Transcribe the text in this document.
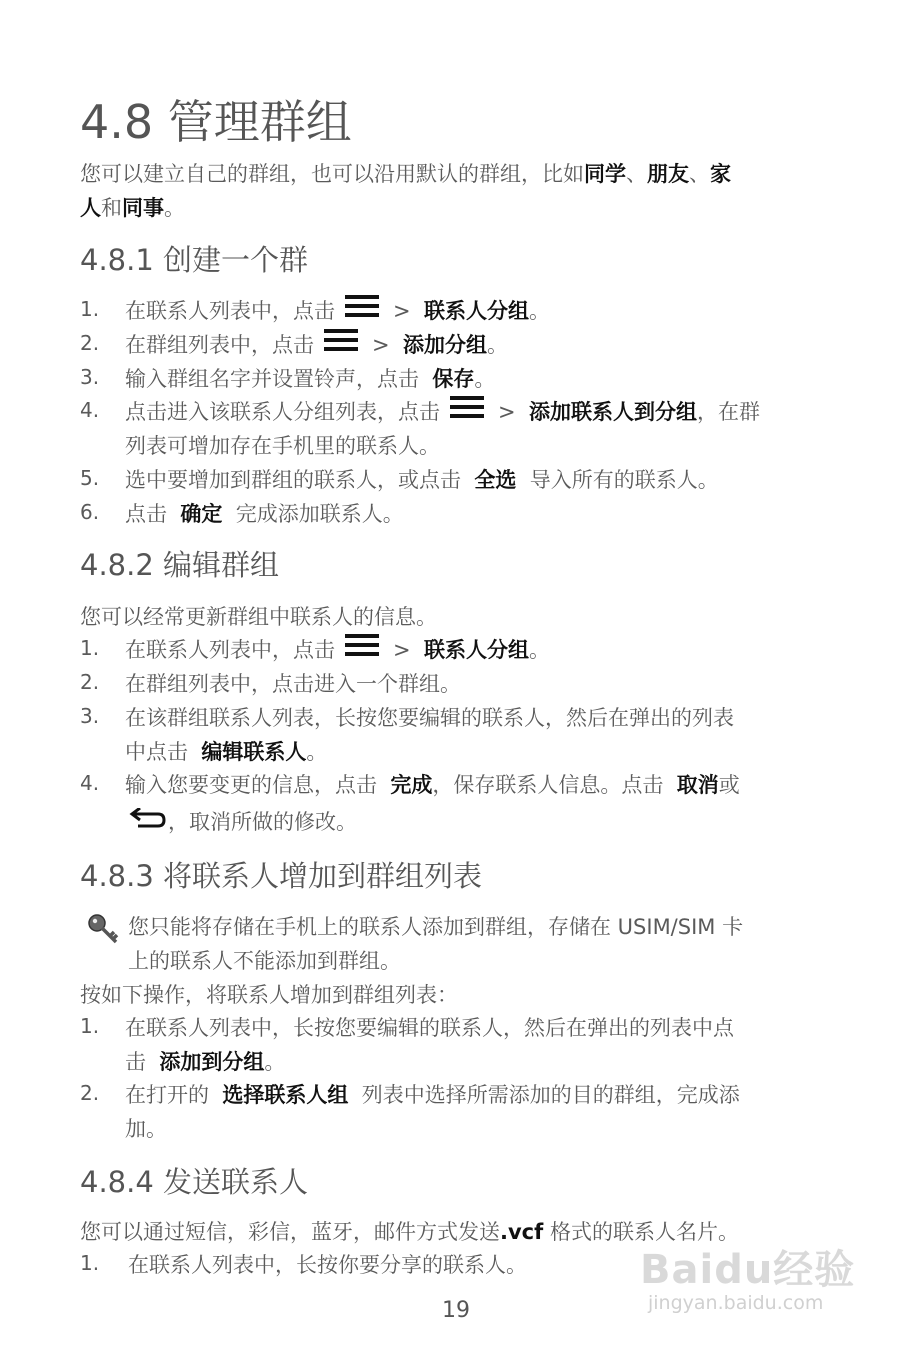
4.8 管理群组
您可以建立自己的群组，也可以沿用默认的群组，比如同学、朋友、家
人和同事。
4.8.1 创建一个群
1. 在联系人列表中，点击	> 联系人分组。
2. 在群组列表中，点击	> 添加分组。
3. 输入群组名字并设置铃声，点击 保存。
4. 点击进入该联系人分组列表，点击	> 添加联系人到分组，在群
列表可增加存在手机里的联系人。
5. 选中要增加到群组的联系人，或点击 全选 导入所有的联系人。
6. 点击 确定 完成添加联系人。
4.8.2 编辑群组
您可以经常更新群组中联系人的信息。
1. 在联系人列表中，点击	> 联系人分组。
2. 在群组列表中，点击进入一个群组。
3. 在该群组联系人列表，长按您要编辑的联系人，然后在弹出的列表
中点击 编辑联系人。
4. 输入您要变更的信息，点击 完成，保存联系人信息。点击 取消或
，取消所做的修改。
4.8.3 将联系人增加到群组列表
您只能将存储在手机上的联系人添加到群组，存储在 USIM/SIM 卡
上的联系人不能添加到群组。
按如下操作，将联系人增加到群组列表：
1. 在联系人列表中，长按您要编辑的联系人，然后在弹出的列表中点
击 添加到分组。
2. 在打开的 选择联系人组 列表中选择所需添加的目的群组，完成添
加。
4.8.4 发送联系人
您可以通过短信，彩信，蓝牙，邮件方式发送.vcf 格式的联系人名片。
1. 在联系人列表中，长按你要分享的联系人。	Baidu经验
jingyan.baidu.com
19
